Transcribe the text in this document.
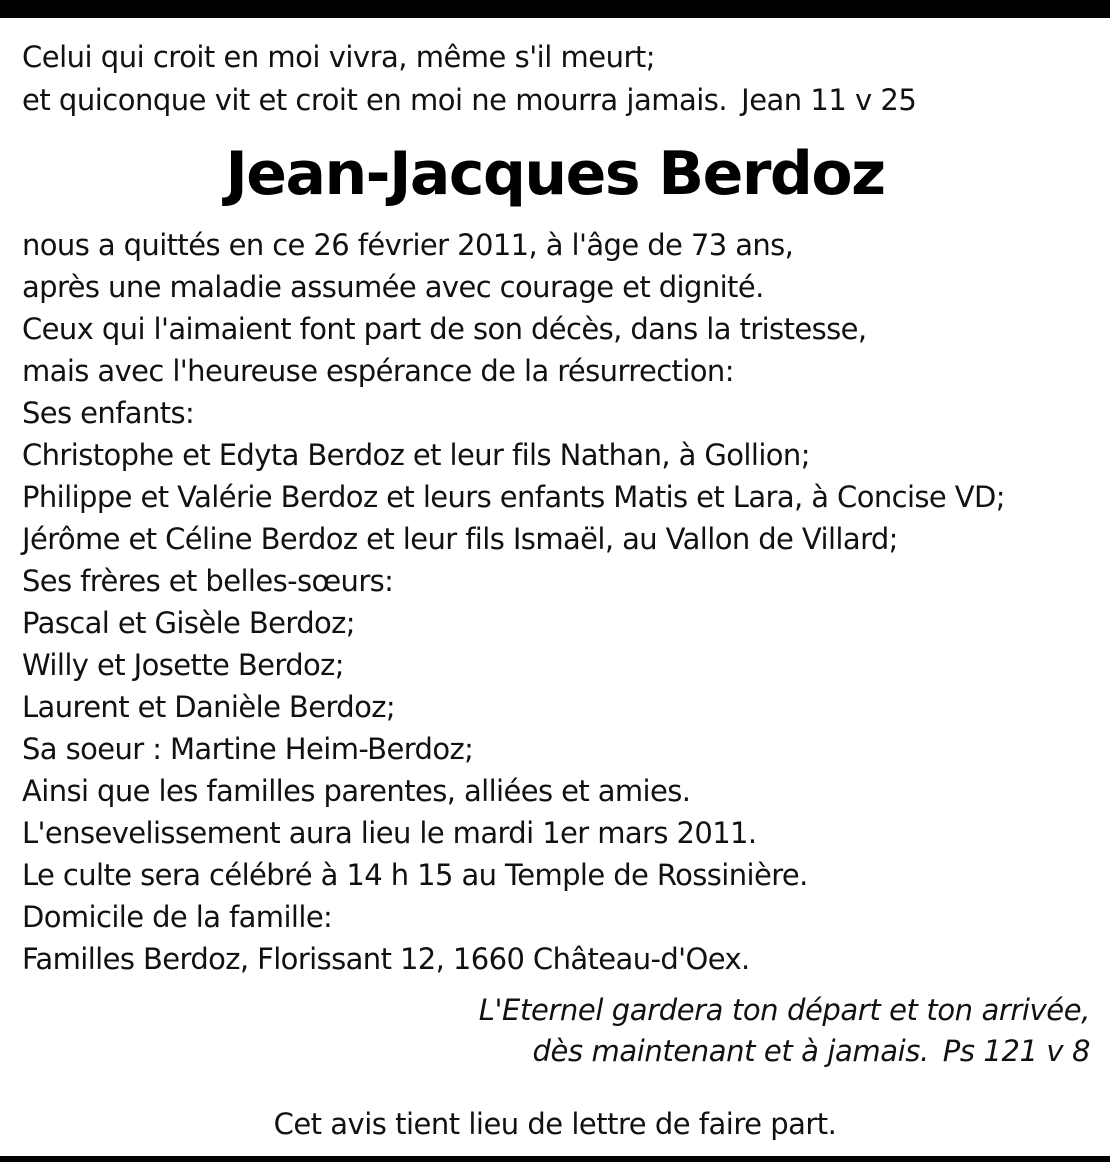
Celui qui croit en moi vivra, même s'il meurt;
et quiconque vit et croit en moi ne mourra jamais. Jean 11 v 25
Jean-Jacques Berdoz
nous a quittés en ce 26 février 2011, à l'âge de 73 ans,
après une maladie assumée avec courage et dignité.
Ceux qui l'aimaient font part de son décès, dans la tristesse,
mais avec l'heureuse espérance de la résurrection:
Ses enfants:
Christophe et Edyta Berdoz et leur fils Nathan, à Gollion;
Philippe et Valérie Berdoz et leurs enfants Matis et Lara, à Concise VD;
Jérôme et Céline Berdoz et leur fils Ismaël, au Vallon de Villard;
Ses frères et belles-sœurs:
Pascal et Gisèle Berdoz;
Willy et Josette Berdoz;
Laurent et Danièle Berdoz;
Sa soeur : Martine Heim-Berdoz;
Ainsi que les familles parentes, alliées et amies.
L'ensevelissement aura lieu le mardi 1er mars 2011.
Le culte sera célébré à 14 h 15 au Temple de Rossinière.
Domicile de la famille:
Familles Berdoz, Florissant 12, 1660 Château-d'Oex.
L'Eternel gardera ton départ et ton arrivée,
dès maintenant et à jamais. Ps 121 v 8
Cet avis tient lieu de lettre de faire part.
